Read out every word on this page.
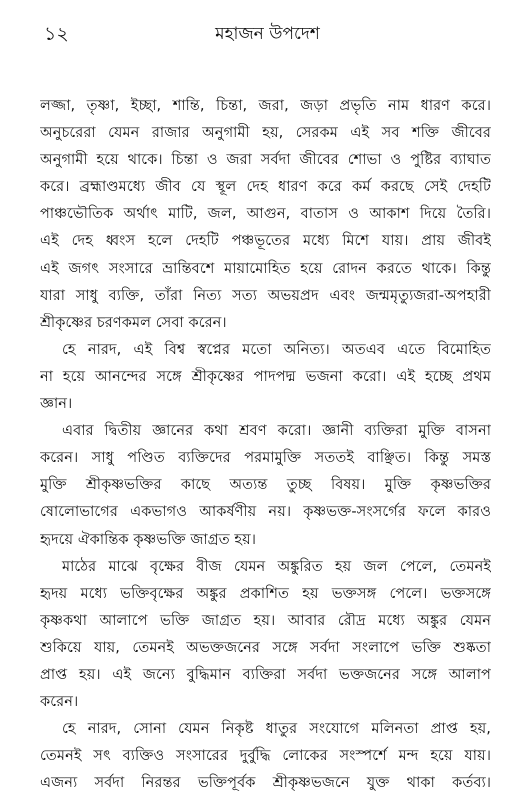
১২	মহাজন উপদেশ
লজ্জা, তৃষ্ণা, ইচ্ছা, শান্তি, চিন্তা, জরা, জড়া প্রভৃতি নাম ধারণ করে।
অনুচরেরা যেমন রাজার অনুগামী হয়, সেরকম এই সব শক্তি জীবের
অনুগামী হয়ে থাকে। চিন্তা ও জরা সর্বদা জীবের শোভা ও পুষ্টির ব্যাঘাত
করে। ব্রহ্মাণ্ডমধ্যে জীব যে স্থূল দেহ ধারণ করে কর্ম করছে সেই দেহটি
পাঞ্চভৌতিক অর্থাৎ মাটি, জল, আগুন, বাতাস ও আকাশ দিয়ে তৈরি।
এই দেহ ধ্বংস হলে দেহটি পঞ্চভূতের মধ্যে মিশে যায়। প্রায় জীবই
এই জগৎ সংসারে ভ্রান্তিবশে মায়ামোহিত হয়ে রোদন করতে থাকে। কিন্তু
যারা সাধু ব্যক্তি, তাঁরা নিত্য সত্য অভয়প্রদ এবং জন্মমৃত্যুজরা-অপহারী
শ্রীকৃষ্ণের চরণকমল সেবা করেন।
হে নারদ, এই বিশ্ব স্বপ্নের মতো অনিত্য। অতএব এতে বিমোহিত
না হয়ে আনন্দের সঙ্গে শ্রীকৃষ্ণের পাদপদ্ম ভজনা করো। এই হচ্ছে প্রথম
জ্ঞান।
এবার দ্বিতীয় জ্ঞানের কথা শ্রবণ করো। জ্ঞানী ব্যক্তিরা মুক্তি বাসনা
করেন। সাধু পণ্ডিত ব্যক্তিদের পরমামুক্তি সততই বাঞ্ছিত। কিন্তু সমস্ত
মুক্তি শ্রীকৃষ্ণভক্তির কাছে অত্যন্ত তুচ্ছ বিষয়। মুক্তি কৃষ্ণভক্তির
ষোলোভাগের একভাগও আকর্ষণীয় নয়। কৃষ্ণভক্ত-সংসর্গের ফলে কারও
হৃদয়ে ঐকান্তিক কৃষ্ণভক্তি জাগ্রত হয়।
মাঠের মাঝে বৃক্ষের বীজ যেমন অঙ্কুরিত হয় জল পেলে, তেমনই
হৃদয় মধ্যে ভক্তিবৃক্ষের অঙ্কুর প্রকাশিত হয় ভক্তসঙ্গ পেলে। ভক্তসঙ্গে
কৃষ্ণকথা আলাপে ভক্তি জাগ্রত হয়। আবার রৌদ্র মধ্যে অঙ্কুর যেমন
শুকিয়ে যায়, তেমনই অভক্তজনের সঙ্গে সর্বদা সংলাপে ভক্তি শুষ্কতা
প্রাপ্ত হয়। এই জন্যে বুদ্ধিমান ব্যক্তিরা সর্বদা ভক্তজনের সঙ্গে আলাপ
করেন।
হে নারদ, সোনা যেমন নিকৃষ্ট ধাতুর সংযোগে মলিনতা প্রাপ্ত হয়,
তেমনই সৎ ব্যক্তিও সংসারের দুর্বুদ্ধি লোকের সংস্পর্শে মন্দ হয়ে যায়।
এজন্য সর্বদা নিরন্তর ভক্তিপূর্বক শ্রীকৃষ্ণভজনে যুক্ত থাকা কর্তব্য।
